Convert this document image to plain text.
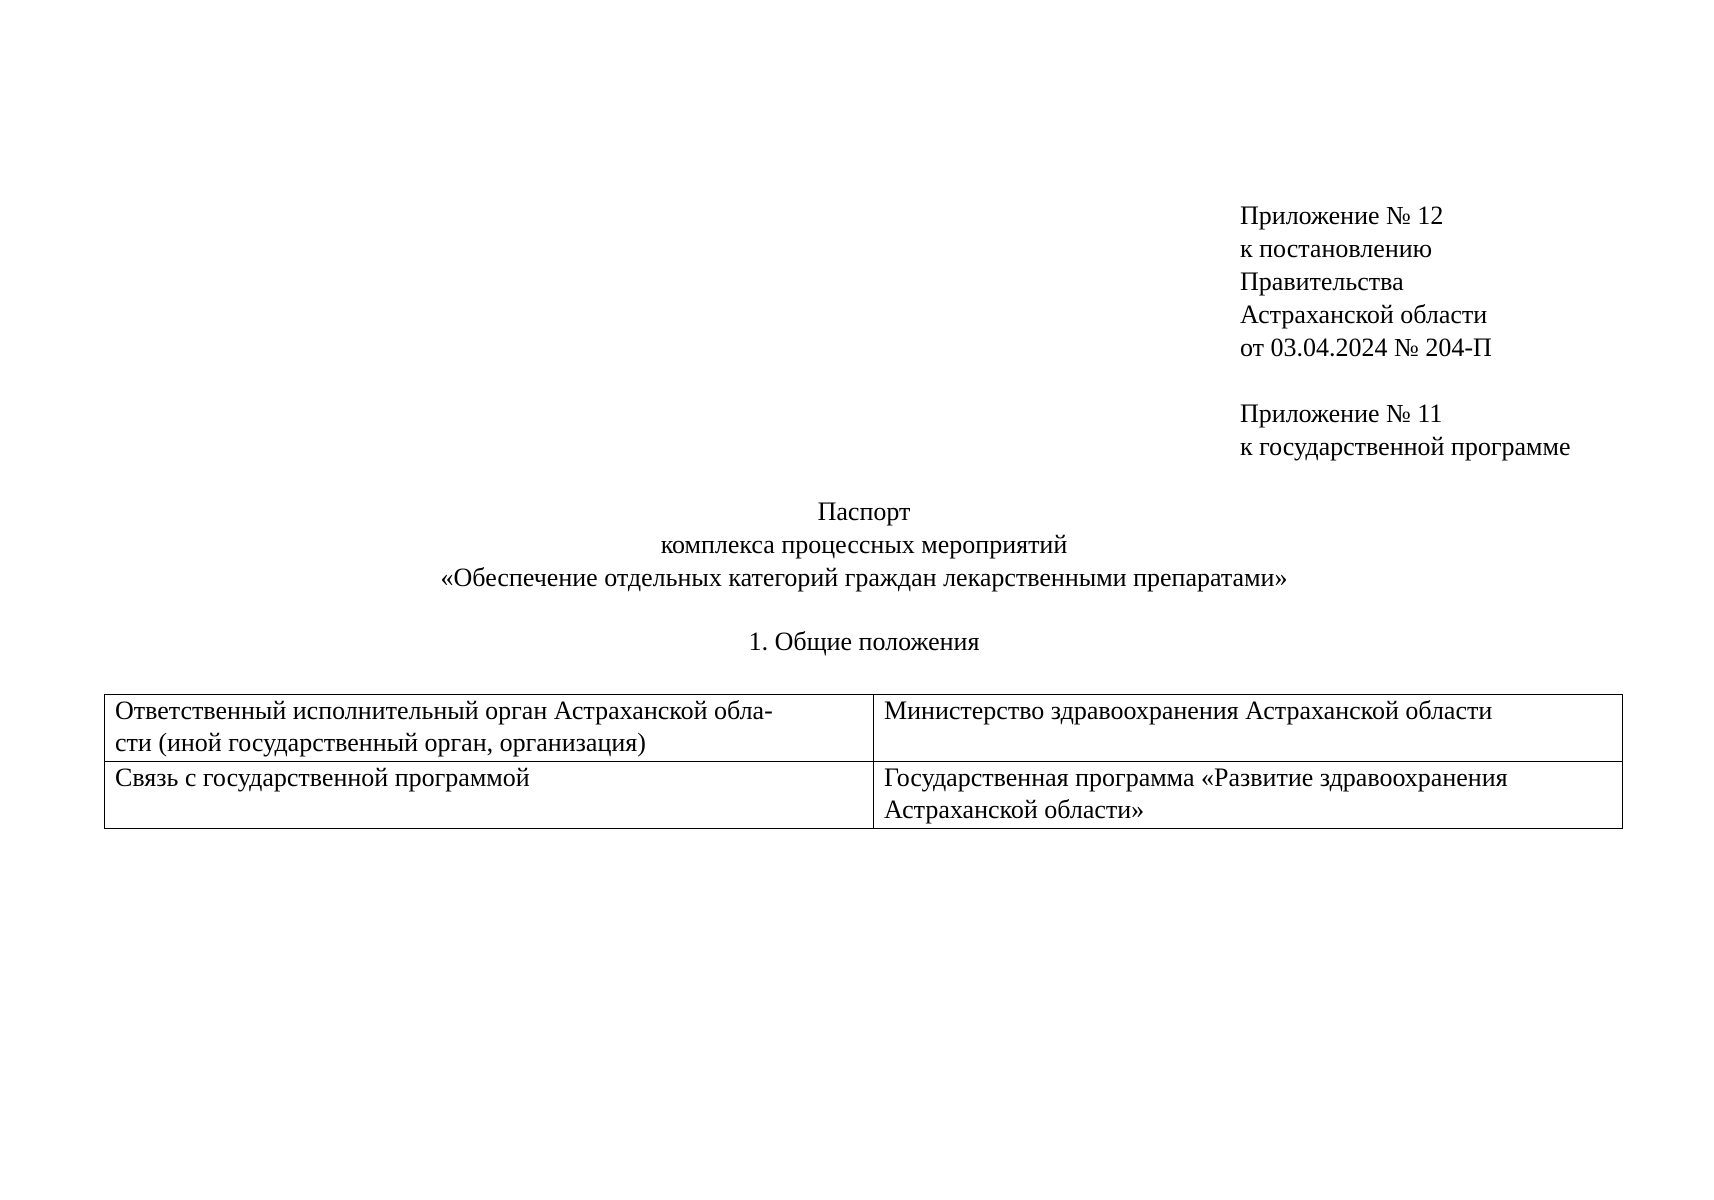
Приложение № 12
к постановлению
Правительства
Астраханской области
от 03.04.2024 № 204-П
Приложение № 11
к государственной программе
Паспорт
комплекса процессных мероприятий
«Обеспечение отдельных категорий граждан лекарственными препаратами»
1. Общие положения
Ответственный исполнительный орган Астраханской обла-
сти (иной государственный орган, организация)	Министерство здравоохранения Астраханской области

Связь с государственной программой	Государственная программа «Развитие здравоохранения
Астраханской области»
